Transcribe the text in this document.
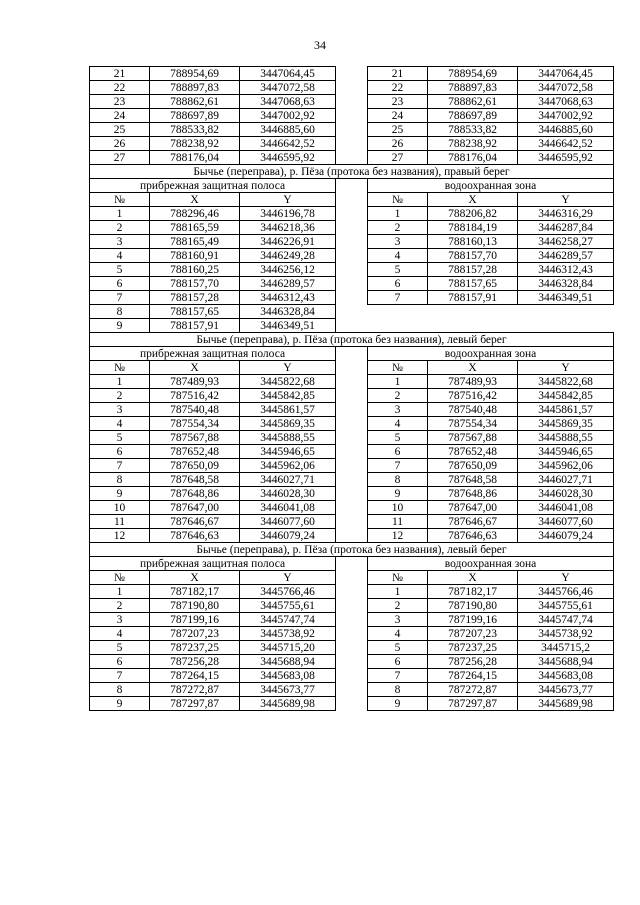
34
21	788954,69	3447064,45		21	788954,69	3447064,45
22	788897,83	3447072,58		22	788897,83	3447072,58
23	788862,61	3447068,63		23	788862,61	3447068,63
24	788697,89	3447002,92		24	788697,89	3447002,92
25	788533,82	3446885,60		25	788533,82	3446885,60
26	788238,92	3446642,52		26	788238,92	3446642,52
27	788176,04	3446595,92		27	788176,04	3446595,92
Бычье (переправа), р. Пёза (протока без названия), правый берег						
прибрежная защитная полоса				водоохранная зона		
№	X	Y		№	X	Y
1	788296,46	3446196,78		1	788206,82	3446316,29
2	788165,59	3446218,36		2	788184,19	3446287,84
3	788165,49	3446226,91		3	788160,13	3446258,27
4	788160,91	3446249,28		4	788157,70	3446289,57
5	788160,25	3446256,12		5	788157,28	3446312,43
6	788157,70	3446289,57		6	788157,65	3446328,84
7	788157,28	3446312,43		7	788157,91	3446349,51
8	788157,65	3446328,84				
9	788157,91	3446349,51				
Бычье (переправа), р. Пёза (протока без названия), левый берег						
прибрежная защитная полоса				водоохранная зона		
№	X	Y		№	X	Y
1	787489,93	3445822,68		1	787489,93	3445822,68
2	787516,42	3445842,85		2	787516,42	3445842,85
3	787540,48	3445861,57		3	787540,48	3445861,57
4	787554,34	3445869,35		4	787554,34	3445869,35
5	787567,88	3445888,55		5	787567,88	3445888,55
6	787652,48	3445946,65		6	787652,48	3445946,65
7	787650,09	3445962,06		7	787650,09	3445962,06
8	787648,58	3446027,71		8	787648,58	3446027,71
9	787648,86	3446028,30		9	787648,86	3446028,30
10	787647,00	3446041,08		10	787647,00	3446041,08
11	787646,67	3446077,60		11	787646,67	3446077,60
12	787646,63	3446079,24		12	787646,63	3446079,24
Бычье (переправа), р. Пёза (протока без названия), левый берег						
прибрежная защитная полоса				водоохранная зона		
№	X	Y		№	X	Y
1	787182,17	3445766,46		1	787182,17	3445766,46
2	787190,80	3445755,61		2	787190,80	3445755,61
3	787199,16	3445747,74		3	787199,16	3445747,74
4	787207,23	3445738,92		4	787207,23	3445738,92
5	787237,25	3445715,20		5	787237,25	3445715,2
6	787256,28	3445688,94		6	787256,28	3445688,94
7	787264,15	3445683,08		7	787264,15	3445683,08
8	787272,87	3445673,77		8	787272,87	3445673,77
9	787297,87	3445689,98		9	787297,87	3445689,98
